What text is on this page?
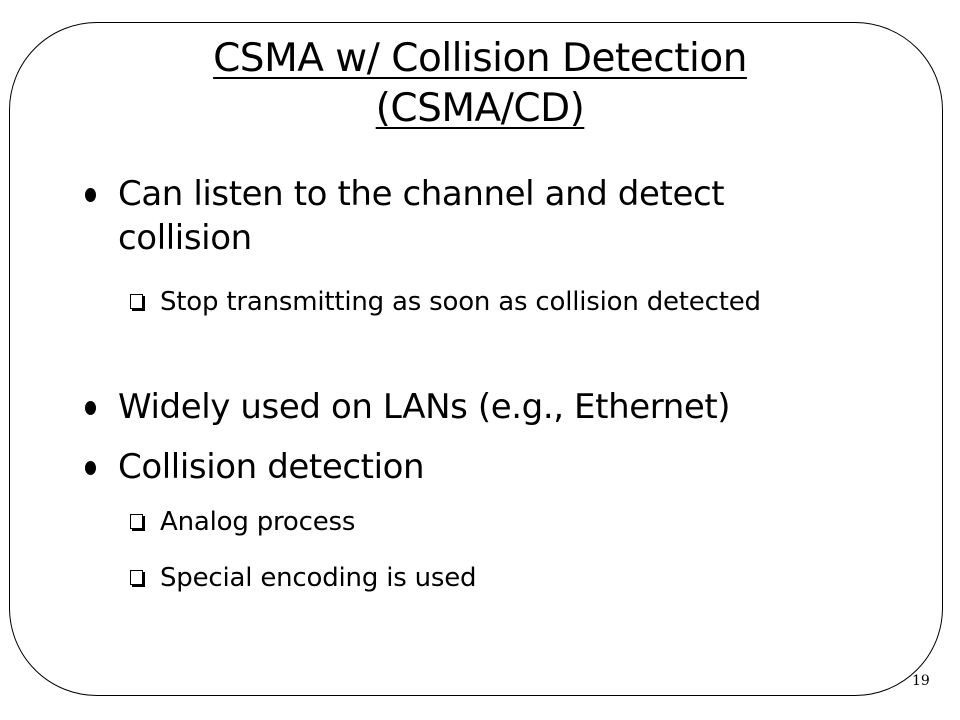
CSMA w/ Collision Detection
(CSMA/CD)
Can listen to the channel and detect collision
Stop transmitting as soon as collision detected
Widely used on LANs (e.g., Ethernet)
Collision detection
Analog process
Special encoding is used
19
